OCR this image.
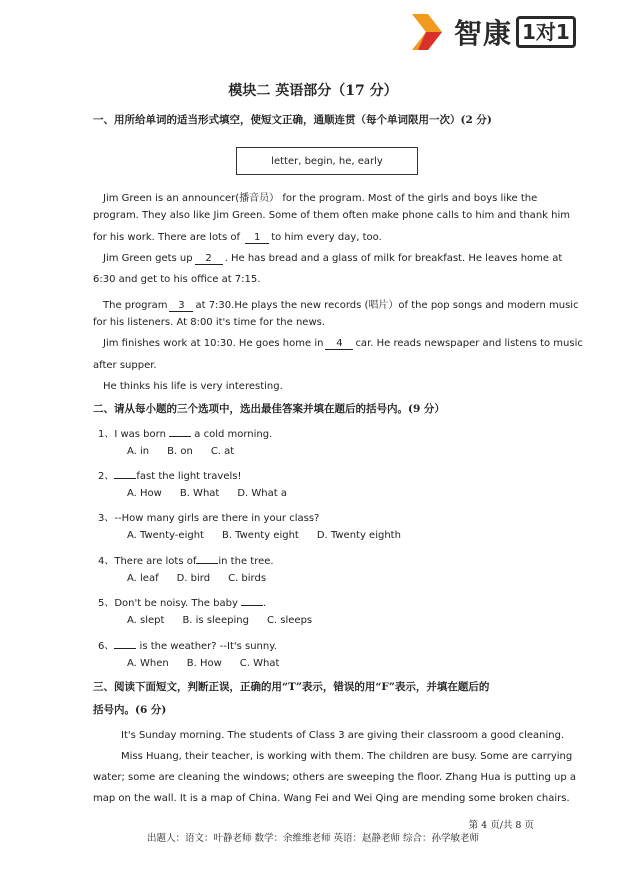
智康 1对1
模块二 英语部分（17 分）
一、用所给单词的适当形式填空，使短文正确，通顺连贯（每个单词限用一次）(2 分)
letter, begin, he, early
Jim Green is an announcer(播音员） for the program. Most of the girls and boys like the
program. They also like Jim Green. Some of them often make phone calls to him and thank him
for his work. There are lots of 1 to him every day, too.
Jim Green gets up 2 . He has bread and a glass of milk for breakfast. He leaves home at
6:30 and get to his office at 7:15.
The program 3 at 7:30.He plays the new records (唱片）of the pop songs and modern music
for his listeners. At 8:00 it's time for the news.
Jim finishes work at 10:30. He goes home in 4 car. He reads newspaper and listens to music
after supper.
He thinks his life is very interesting.
二、请从每小题的三个选项中，选出最佳答案并填在题后的括号内。(9 分）
1、I was born  a cold morning.
A. in B. on C. at
2、 fast the light travels!
A. How B. What D. What a
3、--How many girls are there in your class?
A. Twenty-eight B. Twenty eight D. Twenty eighth
4、There are lots of in the tree.
A. leaf D. bird C. birds
5、Don't be noisy. The baby .
A. slept B. is sleeping C. sleeps
6、 is the weather? --It's sunny.
A. When B. How C. What
三、阅读下面短文，判断正误，正确的用“T”表示，错误的用“F”表示，并填在题后的
括号内。(6 分)
It's Sunday morning. The students of Class 3 are giving their classroom a good cleaning.
Miss Huang, their teacher, is working with them. The children are busy. Some are carrying
water; some are cleaning the windows; others are sweeping the floor. Zhang Hua is putting up a
map on the wall. It is a map of China. Wang Fei and Wei Qing are mending some broken chairs.
第 4 页/共 8 页
出题人：语文：叶静老师 数学：余维维老师 英语：赵静老师 综合：孙学敏老师
